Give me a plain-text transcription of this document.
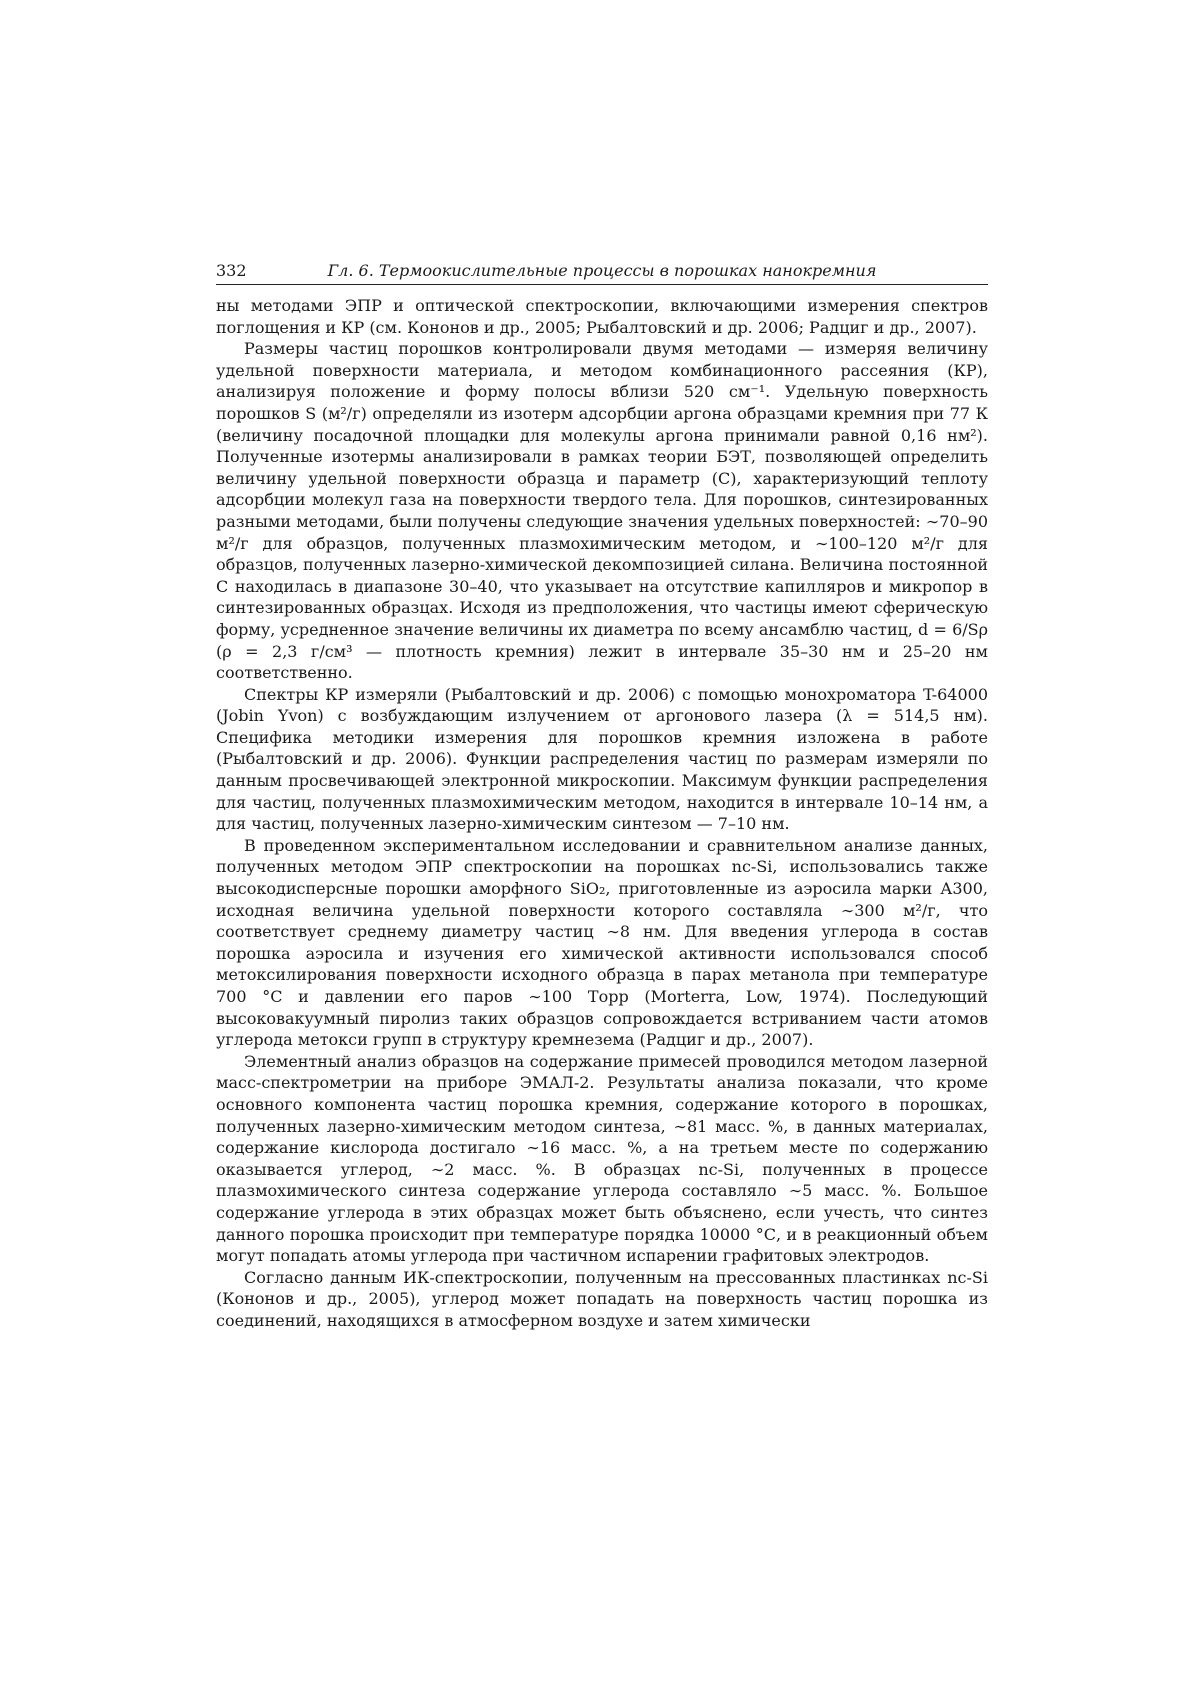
332	Гл. 6. Термоокислительные процессы в порошках нанокремния

ны методами ЭПР и оптической спектроскопии, включающими измерения спектров поглощения и КР (см. Кононов и др., 2005; Рыбалтовский и др. 2006; Радциг и др., 2007).

Размеры частиц порошков контролировали двумя методами — измеряя величину удельной поверхности материала, и методом комбинационного рассеяния (КР), анализируя положение и форму полосы вблизи 520 см⁻¹. Удельную поверхность порошков S (м²/г) определяли из изотерм адсорбции аргона образцами кремния при 77 К (величину посадочной площадки для молекулы аргона принимали равной 0,16 нм²). Полученные изотермы анализировали в рамках теории БЭТ, позволяющей определить величину удельной поверхности образца и параметр (C), характеризующий теплоту адсорбции молекул газа на поверхности твердого тела. Для порошков, синтезированных разными методами, были получены следующие значения удельных поверхностей: ∼70–90 м²/г для образцов, полученных плазмохимическим методом, и ∼100–120 м²/г для образцов, полученных лазерно-химической декомпозицией силана. Величина постоянной C находилась в диапазоне 30–40, что указывает на отсутствие капилляров и микропор в синтезированных образцах. Исходя из предположения, что частицы имеют сферическую форму, усредненное значение величины их диаметра по всему ансамблю частиц, d = 6/Sρ (ρ = 2,3 г/см³ — плотность кремния) лежит в интервале 35–30 нм и 25–20 нм соответственно.

Спектры КР измеряли (Рыбалтовский и др. 2006) с помощью монохроматора T-64000 (Jobin Yvon) с возбуждающим излучением от аргонового лазера (λ = 514,5 нм). Специфика методики измерения для порошков кремния изложена в работе (Рыбалтовский и др. 2006). Функции распределения частиц по размерам измеряли по данным просвечивающей электронной микроскопии. Максимум функции распределения для частиц, полученных плазмохимическим методом, находится в интервале 10–14 нм, а для частиц, полученных лазерно-химическим синтезом — 7–10 нм.

В проведенном экспериментальном исследовании и сравнительном анализе данных, полученных методом ЭПР спектроскопии на порошках nc-Si, использовались также высокодисперсные порошки аморфного SiO₂, приготовленные из аэросила марки А300, исходная величина удельной поверхности которого составляла ∼300 м²/г, что соответствует среднему диаметру частиц ∼8 нм. Для введения углерода в состав порошка аэросила и изучения его химической активности использовался способ метоксилирования поверхности исходного образца в парах метанола при температуре 700 °С и давлении его паров ∼100 Торр (Morterra, Low, 1974). Последующий высоковакуумный пиролиз таких образцов сопровождается встриванием части атомов углерода метокси групп в структуру кремнезема (Радциг и др., 2007).

Элементный анализ образцов на содержание примесей проводился методом лазерной масс-спектрометрии на приборе ЭМАЛ-2. Результаты анализа показали, что кроме основного компонента частиц порошка кремния, содержание которого в порошках, полученных лазерно-химическим методом синтеза, ∼81 масс. %, в данных материалах, содержание кислорода достигало ∼16 масс. %, а на третьем месте по содержанию оказывается углерод, ∼2 масс. %. В образцах nc-Si, полученных в процессе плазмохимического синтеза содержание углерода составляло ∼5 масс. %. Большое содержание углерода в этих образцах может быть объяснено, если учесть, что синтез данного порошка происходит при температуре порядка 10000 °С, и в реакционный объем могут попадать атомы углерода при частичном испарении графитовых электродов.

Согласно данным ИК-спектроскопии, полученным на прессованных пластинках nc-Si (Кононов и др., 2005), углерод может попадать на поверхность частиц порошка из соединений, находящихся в атмосферном воздухе и затем химически
